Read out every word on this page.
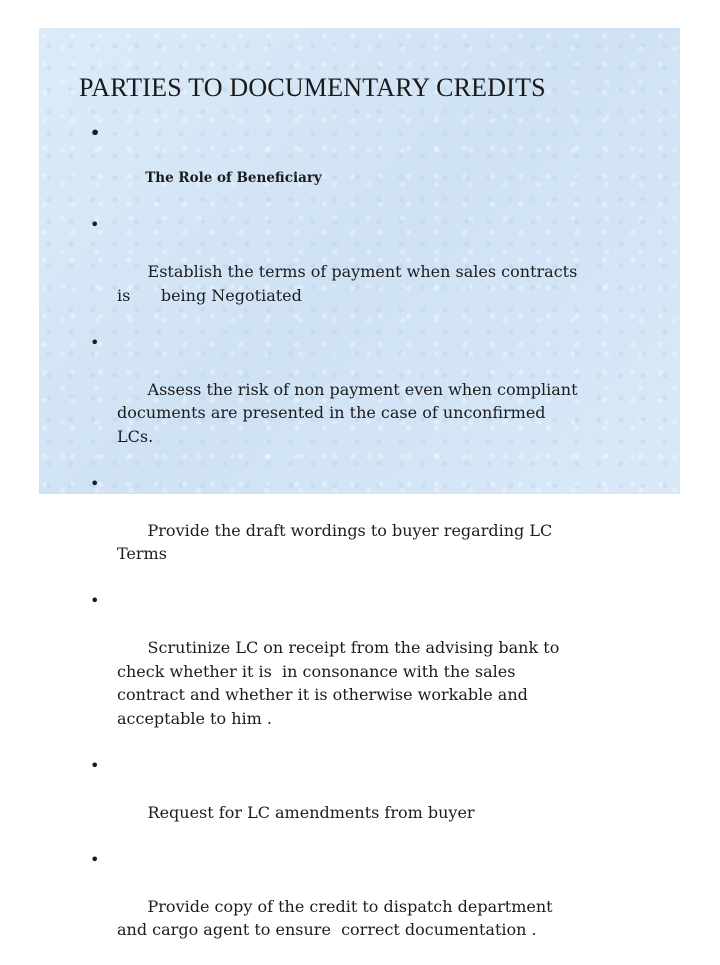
PARTIES TO DOCUMENTARY CREDITS

•

The Role of Beneficiary

•

Establish the terms of payment when sales contracts
is      being Negotiated

•

Assess the risk of non payment even when compliant
documents are presented in the case of unconfirmed
LCs.

•

Provide the draft wordings to buyer regarding LC
Terms

•

Scrutinize LC on receipt from the advising bank to
check whether it is  in consonance with the sales
contract and whether it is otherwise workable and
acceptable to him .

•

Request for LC amendments from buyer

•

Provide copy of the credit to dispatch department
and cargo agent to ensure  correct documentation .
